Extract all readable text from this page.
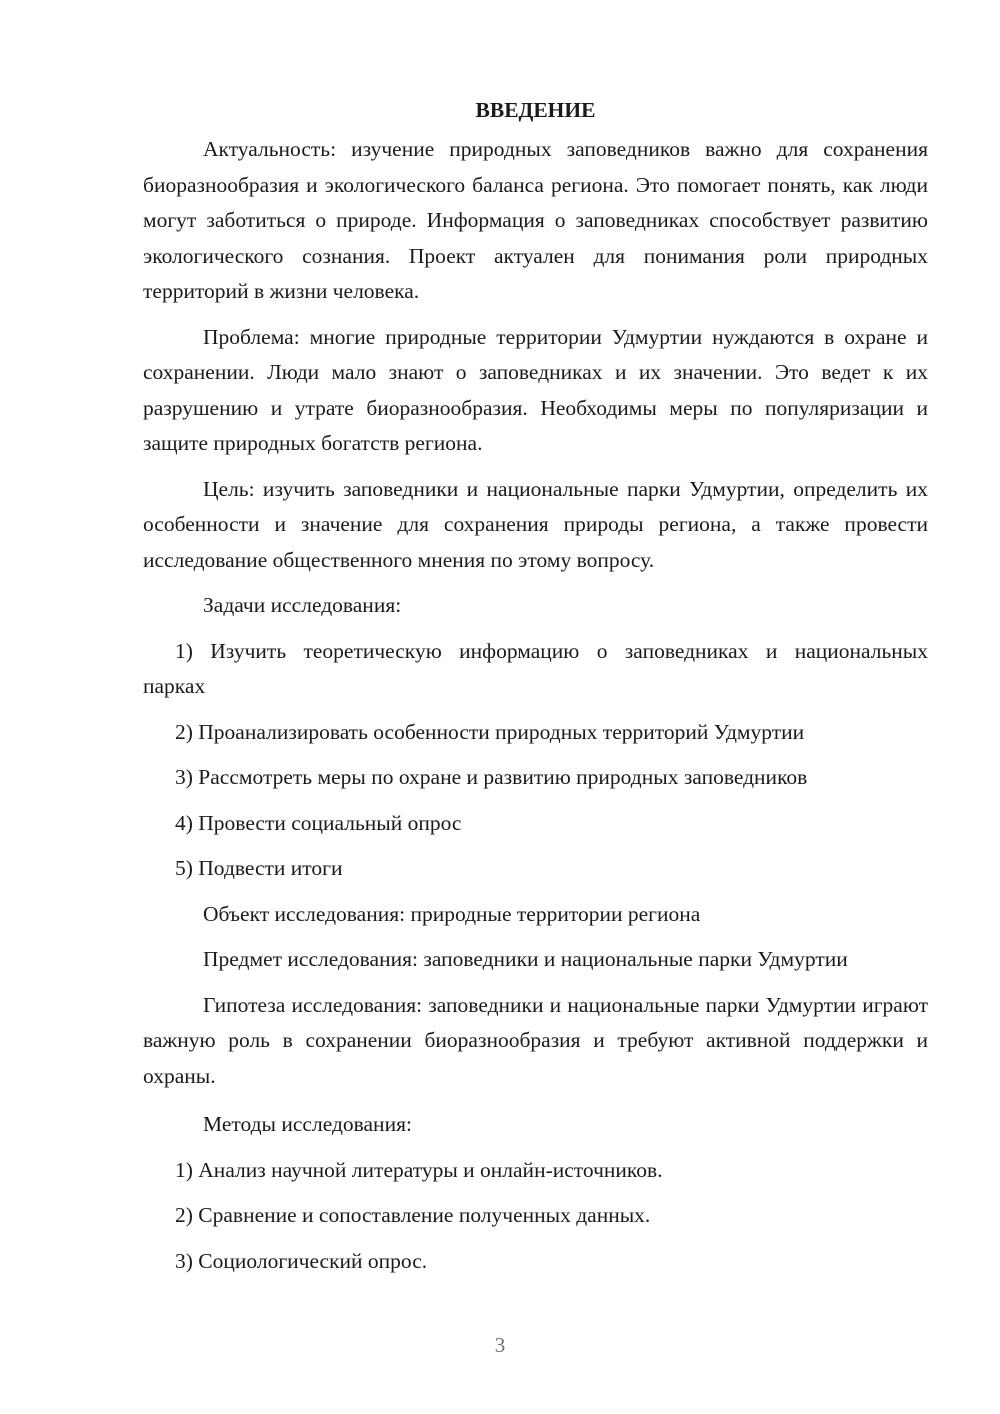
ВВЕДЕНИЕ

Актуальность: изучение природных заповедников важно для сохранения биоразнообразия и экологического баланса региона. Это помогает понять, как люди могут заботиться о природе. Информация о заповедниках способствует развитию экологического сознания. Проект актуален для понимания роли природных территорий в жизни человека.

Проблема: многие природные территории Удмуртии нуждаются в охране и сохранении. Люди мало знают о заповедниках и их значении. Это ведет к их разрушению и утрате биоразнообразия. Необходимы меры по популяризации и защите природных богатств региона.

Цель: изучить заповедники и национальные парки Удмуртии, определить их особенности и значение для сохранения природы региона, а также провести исследование общественного мнения по этому вопросу.

Задачи исследования:

1) Изучить теоретическую информацию о заповедниках и национальных парках

2) Проанализировать особенности природных территорий Удмуртии

3) Рассмотреть меры по охране и развитию природных заповедников

4) Провести социальный опрос

5) Подвести итоги

Объект исследования: природные территории региона

Предмет исследования: заповедники и национальные парки Удмуртии

Гипотеза исследования: заповедники и национальные парки Удмуртии играют важную роль в сохранении биоразнообразия и требуют активной поддержки и охраны.

Методы исследования:

1) Анализ научной литературы и онлайн-источников.

2) Сравнение и сопоставление полученных данных.

3) Социологический опрос.

3
